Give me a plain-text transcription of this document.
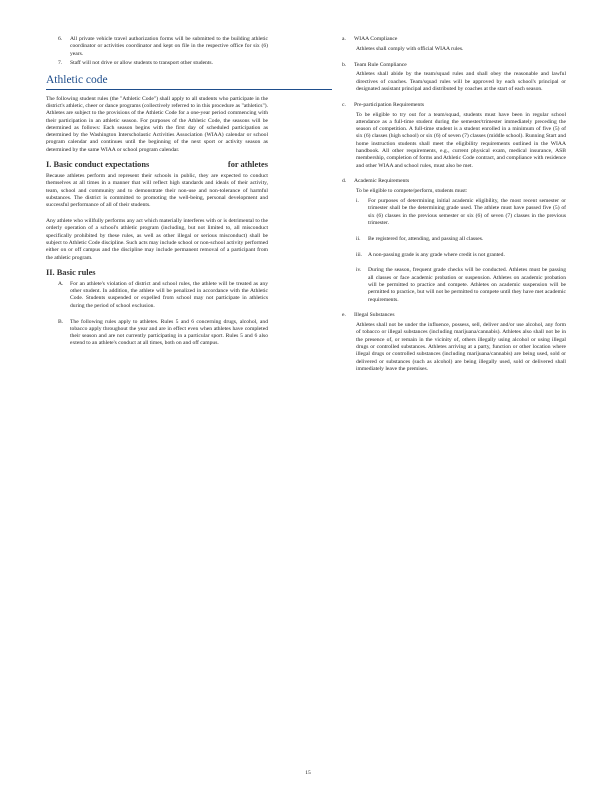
6.	All private vehicle travel authorization forms will be submitted to the building athletic coordinator or activities coordinator and kept on file in the respective office for six (6) years.
7.	Staff will not drive or allow students to transport other students.
Athletic code

The following student rules (the "Athletic Code") shall apply to all students who participate in the district's athletic, cheer or dance programs (collectively referred to in this procedure as "athletics"). Athletes are subject to the provisions of the Athletic Code for a one-year period commencing with their participation in an athletic season. For purposes of the Athletic Code, the seasons will be determined as follows: Each season begins with the first day of scheduled participation as determined by the Washington Interscholastic Activities Association (WIAA) calendar or school program calendar and continues until the beginning of the next sport or activity season as determined by the same WIAA or school program calendar.

I. Basic conduct expectations	for athletes

Because athletes perform and represent their schools in public, they are expected to conduct themselves at all times in a manner that will reflect high standards and ideals of their activity, team, school and community and to demonstrate their non-use and non-tolerance of harmful substances. The district is committed to promoting the well-being, personal development and successful performance of all of their students.

Any athlete who willfully performs any act which materially interferes with or is detrimental to the orderly operation of a school's athletic program (including, but not limited to, all misconduct specifically prohibited by these rules, as well as other illegal or serious misconduct) shall be subject to Athletic Code discipline. Such acts may include school or non-school activity performed either on or off campus and the discipline may include permanent removal of a participant from the athletic program.

II. Basic rules
A.	For an athlete's violation of district and school rules, the athlete will be treated as any other student. In addition, the athlete will be penalized in accordance with the Athletic Code. Students suspended or expelled from school may not participate in athletics during the period of school exclusion.
B.	The following rules apply to athletes. Rules 5 and 6 concerning drugs, alcohol, and tobacco apply throughout the year and are in effect even when athletes have completed their season and are not currently participating in a particular sport. Rules 5 and 6 also extend to an athlete's conduct at all times, both on and off campus.
a.	WIAA Compliance

Athletes shall comply with official WIAA rules.

b.	Team Rule Compliance

Athletes shall abide by the team/squad rules and shall obey the reasonable and lawful directives of coaches. Team/squad rules will be approved by each school's principal or designated assistant principal and distributed by coaches at the start of each season.

c.	Pre-participation Requirements

To be eligible to try out for a team/squad, students must have been in regular school attendance as a full-time student during the semester/trimester immediately preceding the season of competition. A full-time student is a student enrolled in a minimum of five (5) of six (6) classes (high school) or six (6) of seven (7) classes (middle school). Running Start and home instruction students shall meet the eligibility requirements outlined in the WIAA handbook. All other requirements, e.g., current physical exam, medical insurance, ASB membership, completion of forms and Athletic Code contract, and compliance with residence and other WIAA and school rules, must also be met.

d.	Academic Requirements

To be eligible to compete/perform, students must:

i.	For purposes of determining initial academic eligibility, the most recent semester or trimester shall be the determining grade used. The athlete must have passed five (5) of six (6) classes in the previous semester or six (6) of seven (7) classes in the previous trimester.
ii.	Be registered for, attending, and passing all classes.
iii.	A non-passing grade is any grade where credit is not granted.
iv.	During the season, frequent grade checks will be conducted. Athletes must be passing all classes or face academic probation or suspension. Athletes on academic probation will be permitted to practice and compete. Athletes on academic suspension will be permitted to practice, but will not be permitted to compete until they have met academic requirements.
e.	Illegal Substances

Athletes shall not be under the influence, possess, sell, deliver and/or use alcohol, any form of tobacco or illegal substances (including marijuana/cannabis). Athletes also shall not be in the presence of, or remain in the vicinity of, others illegally using alcohol or using illegal drugs or controlled substances. Athletes arriving at a party, function or other location where illegal drugs or controlled substances (including marijuana/cannabis) are being used, sold or delivered or substances (such as alcohol) are being illegally used, sold or delivered shall immediately leave the premises.

15
